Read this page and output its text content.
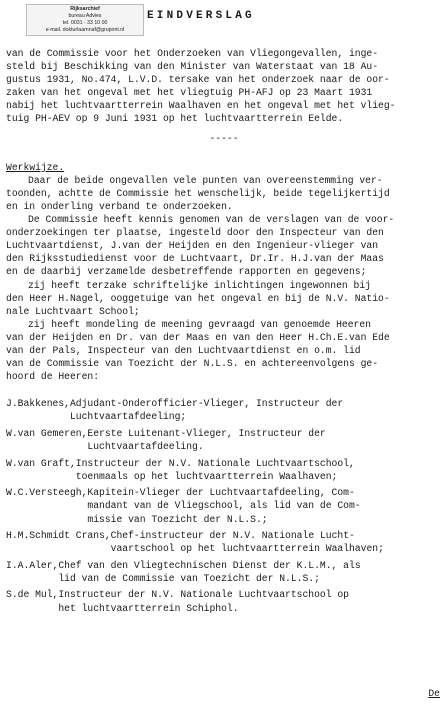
Rijksarchief
bureau Advies
tel. 0031 - 33 10 00
e-mail. dokturlaarnnaf@grupont.nl
EINDVERSLAG
van de Commissie voor het Onderzoeken van Vliegongevallen, inge-
steld bij Beschikking van den Minister van Waterstaat van 18 Au-
gustus 1931, No.474, L.V.D. tersake van het onderzoek naar de oor-
zaken van het ongeval met het vliegtuig PH-AFJ op 23 Maart 1931
nabij het luchtvaartterrein Waalhaven en het ongeval met het vlieg-
tuig PH-AEV op 9 Juni 1931 op het luchtvaartterrein Eelde.
-----
Werkwijze.
Daar de beide ongevallen vele punten van overeenstemming ver-
toonden, achtte de Commissie het wenschelijk, beide tegelijkertijd
en in onderling verband te onderzoeken.
De Commissie heeft kennis genomen van de verslagen van de voor-
onderzoekingen ter plaatse, ingesteld door den Inspecteur van den
Luchtvaartdienst, J.van der Heijden en den Ingenieur-vlieger van
den Rijksstudiedienst voor de Luchtvaart, Dr.Ir. H.J.van der Maas
en de daarbij verzamelde desbetreffende rapporten en gegevens;
zij heeft terzake schriftelijke inlichtingen ingewonnen bij
den Heer H.Nagel, ooggetuige van het ongeval en bij de N.V. Natio-
nale Luchtvaart School;
zij heeft mondeling de meening gevraagd van genoemde Heeren
van der Heijden en Dr. van der Maas en van den Heer H.Ch.E.van Ede
van der Pals, Inspecteur van den Luchtvaartdienst en o.m. lid
van de Commissie van Toezicht der N.L.S. en achtereenvolgens ge-
hoord de Heeren:
J.Bakkenes, Adjudant-Onderofficier-Vlieger, Instructeur der
Luchtvaartafdeeling;
W.van Gemeren, Eerste Luitenant-Vlieger, Instructeur der
Luchtvaartafdeeling.
W.van Graft, Instructeur der N.V. Nationale Luchtvaartschool,
toenmaals op het luchtvaartterrein Waalhaven;
W.C.Versteegh, Kapitein-Vlieger der Luchtvaartafdeeling, Com-
mandant van de Vliegschool, als lid van de Com-
missie van Toezicht der N.L.S.;
H.M.Schmidt Crans, Chef-instructeur der N.V. Nationale Lucht-
vaartschool op het luchtvaartterrein Waalhaven;
I.A.Aler, Chef van den Vliegtechnischen Dienst der K.L.M., als
lid van de Commissie van Toezicht der N.L.S.;
S.de Mul, Instructeur der N.V. Nationale Luchtvaartschool op
het luchtvaartterrein Schiphol.
De
